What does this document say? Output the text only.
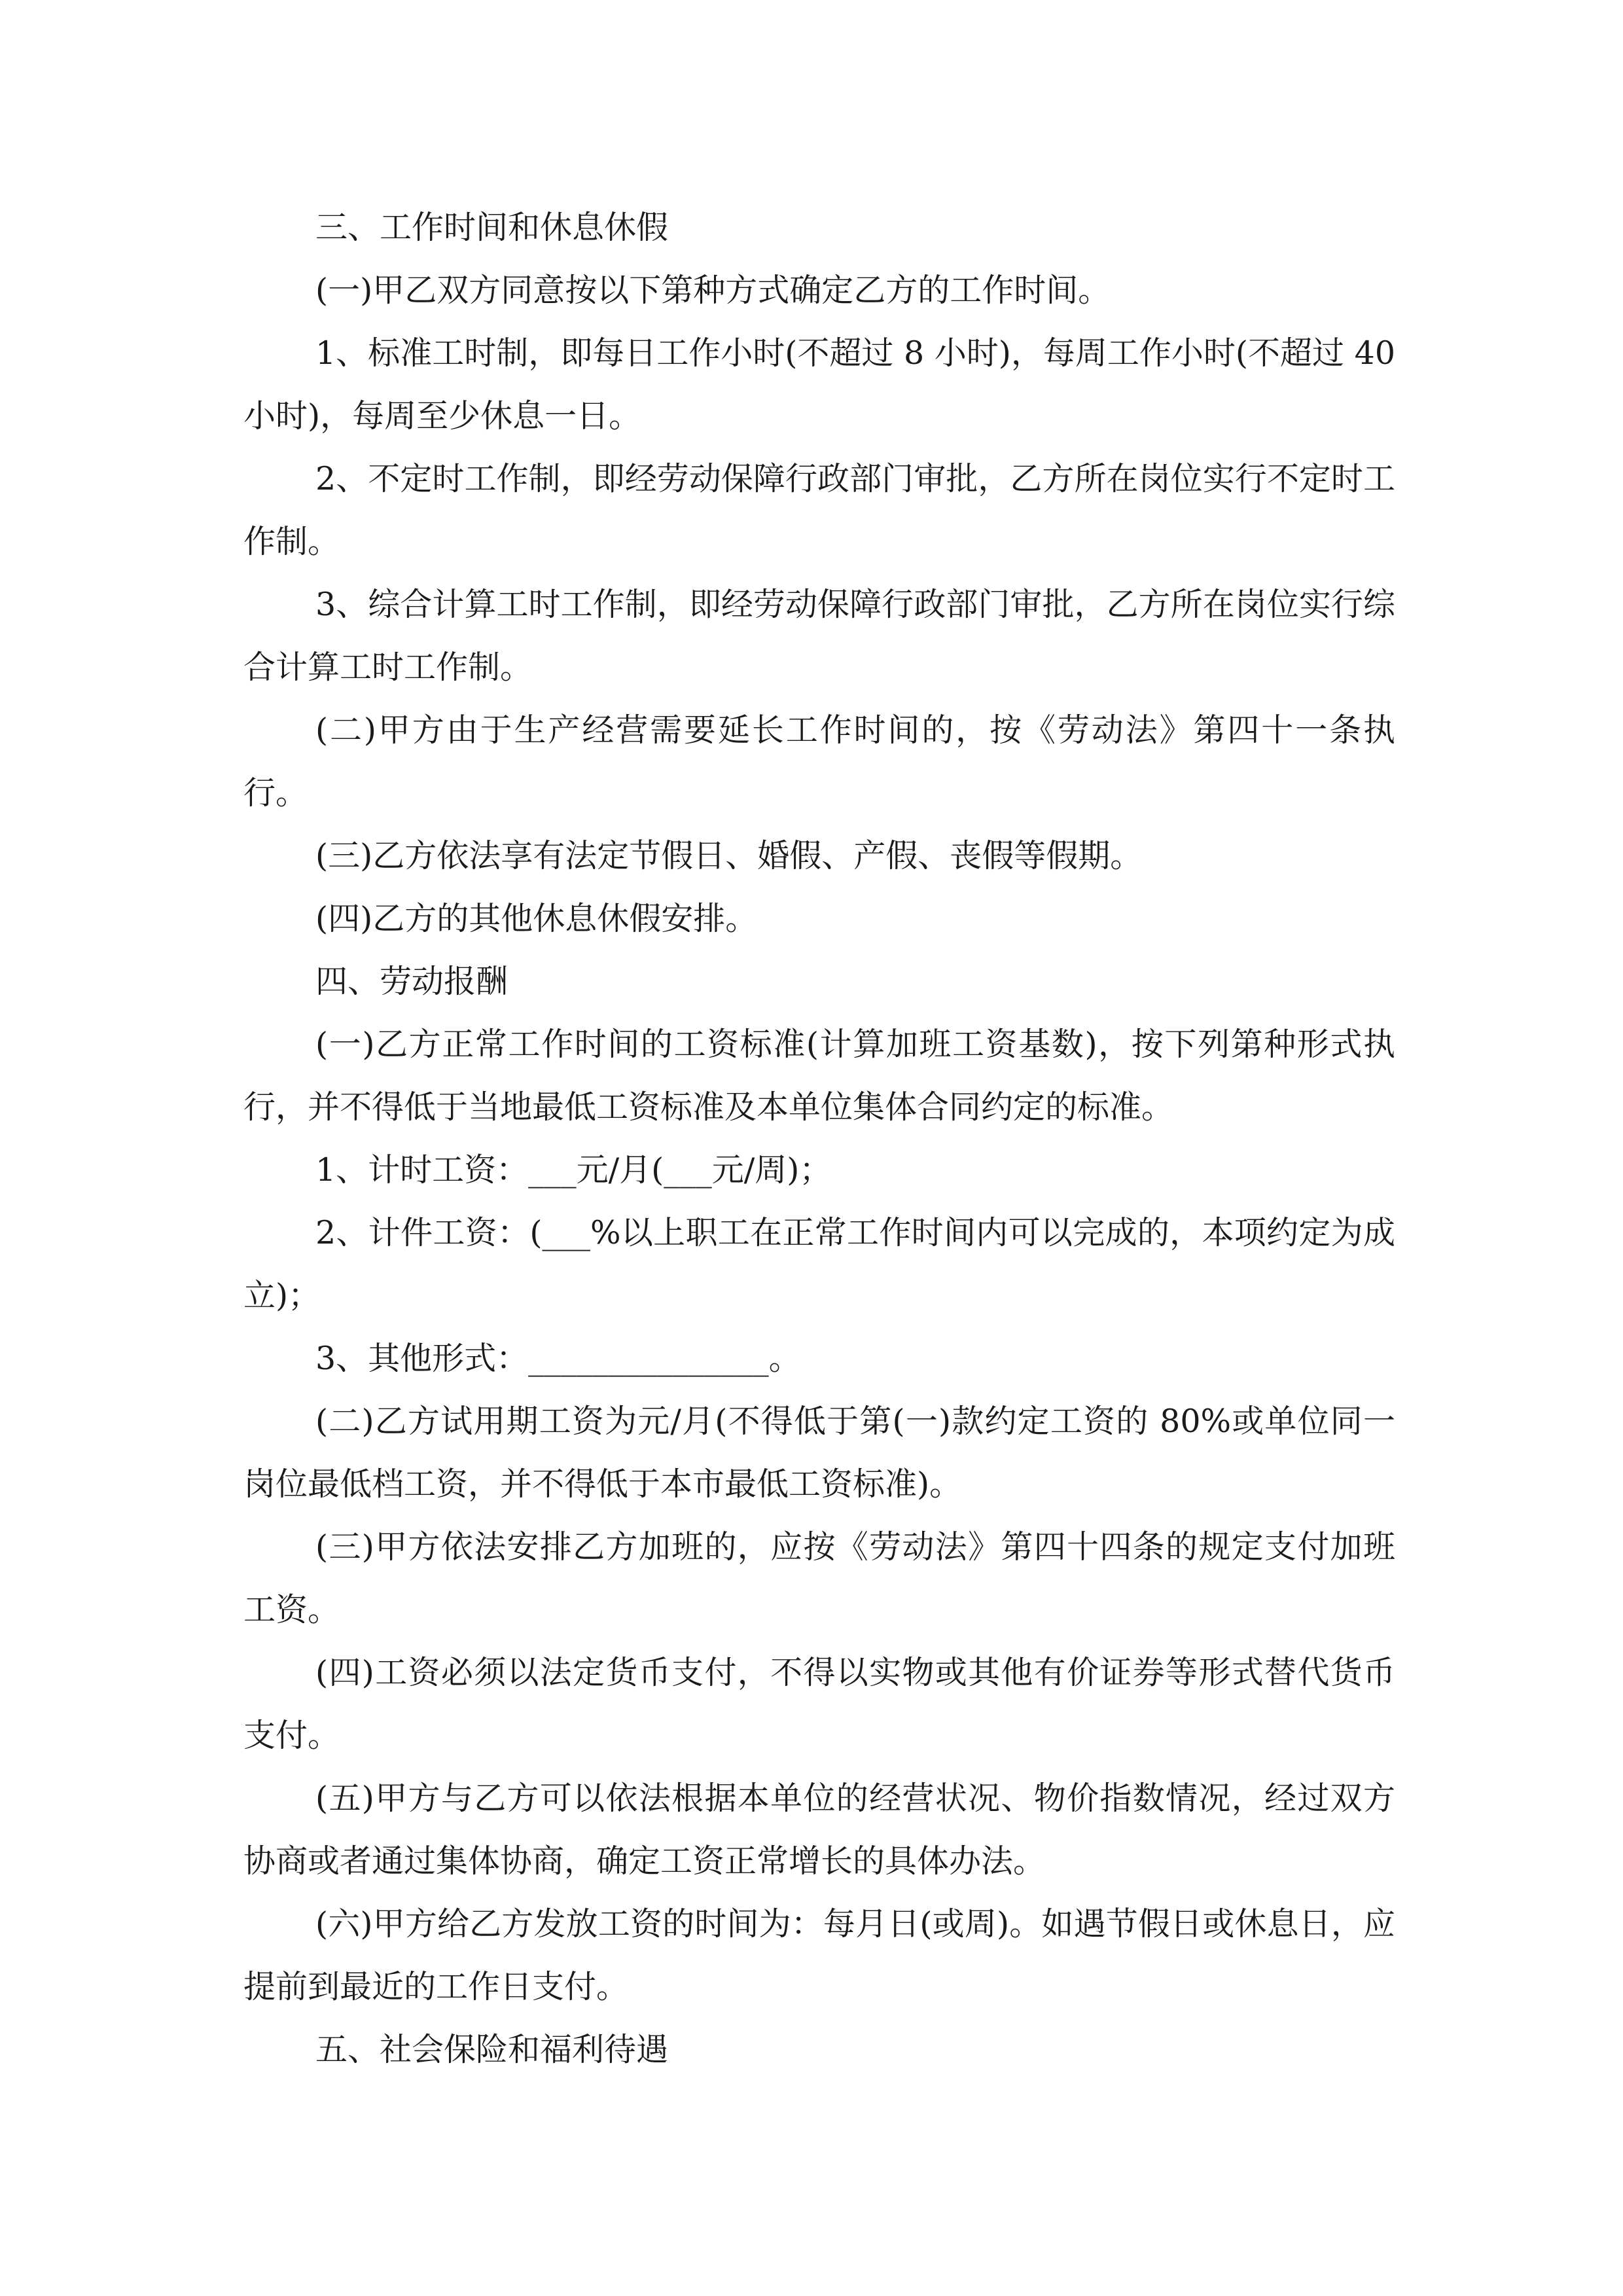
三、工作时间和休息休假

(一)甲乙双方同意按以下第种方式确定乙方的工作时间。

1、标准工时制，即每日工作小时(不超过 8 小时)，每周工作小时(不超过 40 小时)，每周至少休息一日。

2、不定时工作制，即经劳动保障行政部门审批，乙方所在岗位实行不定时工作制。

3、综合计算工时工作制，即经劳动保障行政部门审批，乙方所在岗位实行综合计算工时工作制。

(二)甲方由于生产经营需要延长工作时间的，按《劳动法》第四十一条执行。

(三)乙方依法享有法定节假日、婚假、产假、丧假等假期。

(四)乙方的其他休息休假安排。

四、劳动报酬

(一)乙方正常工作时间的工资标准(计算加班工资基数)，按下列第种形式执行，并不得低于当地最低工资标准及本单位集体合同约定的标准。

1、计时工资：___元/月(___元/周)；

2、计件工资：(___%以上职工在正常工作时间内可以完成的，本项约定为成立)；

3、其他形式：_______________。

(二)乙方试用期工资为元/月(不得低于第(一)款约定工资的 80%或单位同一岗位最低档工资，并不得低于本市最低工资标准)。

(三)甲方依法安排乙方加班的，应按《劳动法》第四十四条的规定支付加班工资。

(四)工资必须以法定货币支付，不得以实物或其他有价证券等形式替代货币支付。

(五)甲方与乙方可以依法根据本单位的经营状况、物价指数情况，经过双方协商或者通过集体协商，确定工资正常增长的具体办法。

(六)甲方给乙方发放工资的时间为：每月日(或周)。如遇节假日或休息日，应提前到最近的工作日支付。

五、社会保险和福利待遇
